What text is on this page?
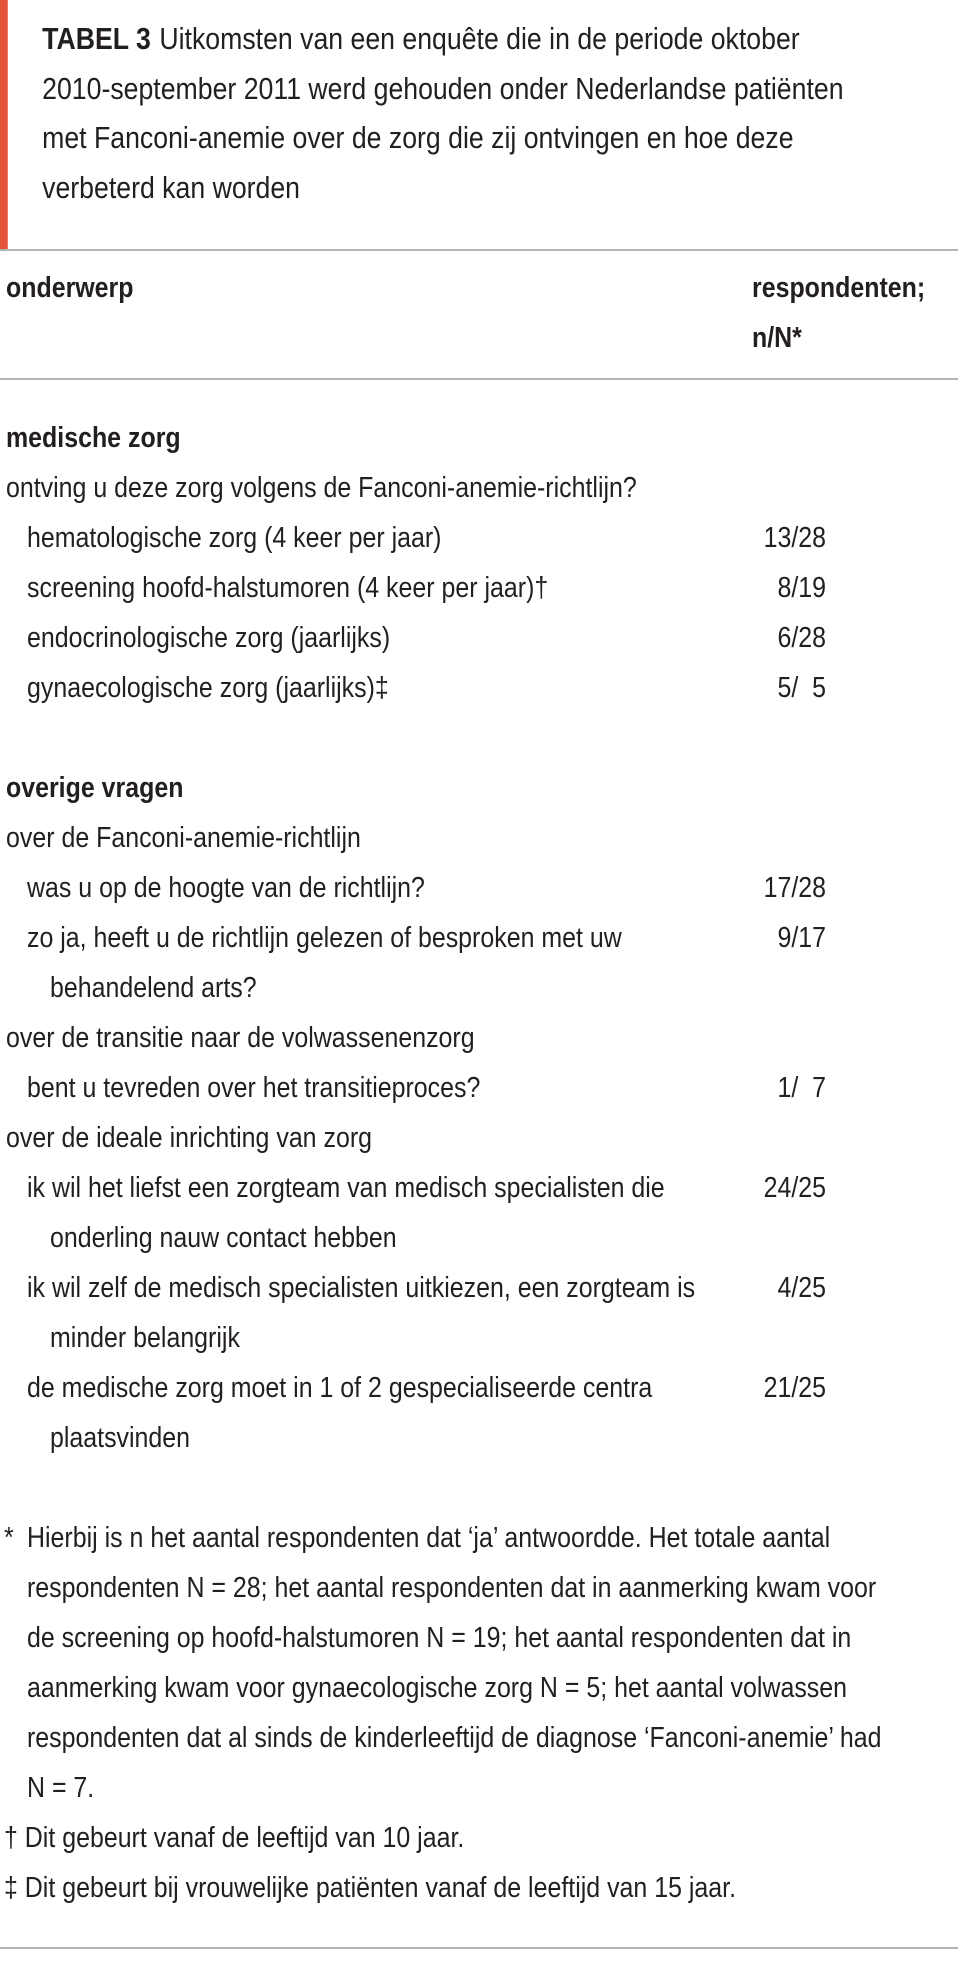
TABEL 3 Uitkomsten van een enquête die in de periode oktober
2010-september 2011 werd gehouden onder Nederlandse patiënten
met Fanconi-anemie over de zorg die zij ontvingen en hoe deze
verbeterd kan worden
onderwerp	respondenten;
n/N*
medische zorg
ontving u deze zorg volgens de Fanconi-anemie-richtlijn?
hematologische zorg (4 keer per jaar)	13/28
screening hoofd-halstumoren (4 keer per jaar)†	8/19
endocrinologische zorg (jaarlijks)	6/28
gynaecologische zorg (jaarlijks)‡	5/  5
overige vragen
over de Fanconi-anemie-richtlijn
was u op de hoogte van de richtlijn?	17/28
zo ja, heeft u de richtlijn gelezen of besproken met uw	9/17
behandelend arts?
over de transitie naar de volwassenenzorg
bent u tevreden over het transitieproces?	1/  7
over de ideale inrichting van zorg
ik wil het liefst een zorgteam van medisch specialisten die	24/25
onderling nauw contact hebben
ik wil zelf de medisch specialisten uitkiezen, een zorgteam is	4/25
minder belangrijk
de medische zorg moet in 1 of 2 gespecialiseerde centra	21/25
plaatsvinden
* Hierbij is n het aantal respondenten dat ‘ja’ antwoordde. Het totale aantal
respondenten N = 28; het aantal respondenten dat in aanmerking kwam voor
de screening op hoofd-halstumoren N = 19; het aantal respondenten dat in
aanmerking kwam voor gynaecologische zorg N = 5; het aantal volwassen
respondenten dat al sinds de kinderleeftijd de diagnose ‘Fanconi-anemie’ had
N = 7.
† Dit gebeurt vanaf de leeftijd van 10 jaar.
‡ Dit gebeurt bij vrouwelijke patiënten vanaf de leeftijd van 15 jaar.
